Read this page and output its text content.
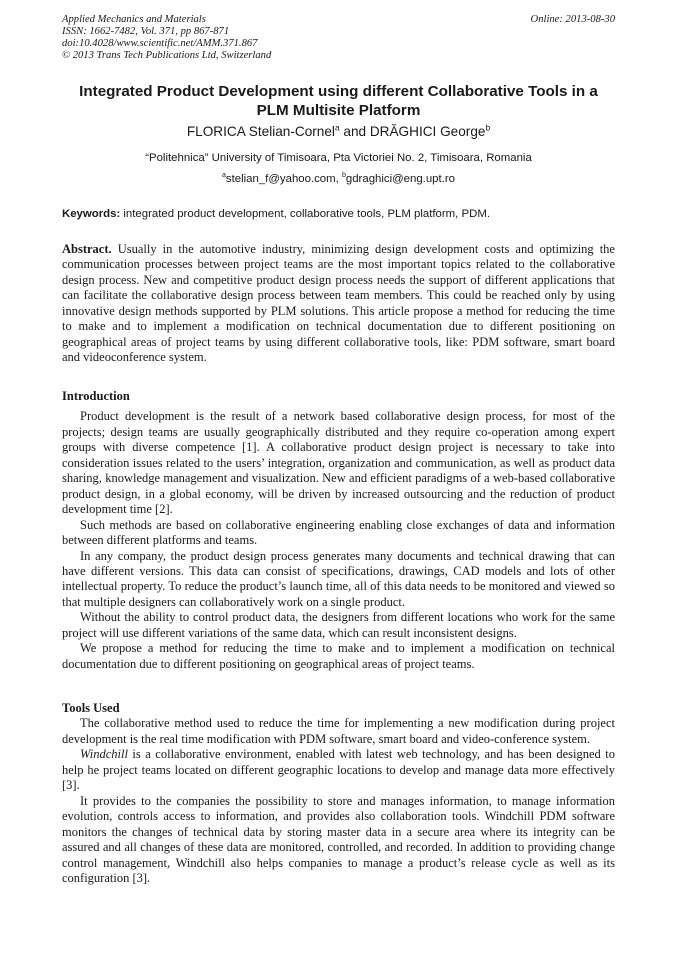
Applied Mechanics and Materials
ISSN: 1662-7482, Vol. 371, pp 867-871
doi:10.4028/www.scientific.net/AMM.371.867
© 2013 Trans Tech Publications Ltd, Switzerland
Online: 2013-08-30
Integrated Product Development using different Collaborative Tools in a PLM Multisite Platform
FLORICA Stelian-Cornel$^a$ and DRĂGHICI George$^b$
“Politehnica” University of Timisoara, Pta Victoriei No. 2, Timisoara, Romania
$^a$stelian_f@yahoo.com, $^b$gdraghici@eng.upt.ro
Keywords: integrated product development, collaborative tools, PLM platform, PDM.

Abstract. Usually in the automotive industry, minimizing design development costs and optimizing the communication processes between project teams are the most important topics related to the collaborative design process. New and competitive product design process needs the support of different applications that can facilitate the collaborative design process between team members. This could be reached only by using innovative design methods supported by PLM solutions. This article propose a method for reducing the time to make and to implement a modification on technical documentation due to different positioning on geographical areas of project teams by using different collaborative tools, like: PDM software, smart board and videoconference system.

Introduction

Product development is the result of a network based collaborative design process, for most of the projects; design teams are usually geographically distributed and they require co-operation among expert groups with diverse competence [1]. A collaborative product design project is necessary to take into consideration issues related to the users’ integration, organization and communication, as well as product data sharing, knowledge management and visualization. New and efficient paradigms of a web-based collaborative product design, in a global economy, will be driven by increased outsourcing and the reduction of product development time [2].

Such methods are based on collaborative engineering enabling close exchanges of data and information between different platforms and teams.

In any company, the product design process generates many documents and technical drawing that can have different versions. This data can consist of specifications, drawings, CAD models and lots of other intellectual property. To reduce the product’s launch time, all of this data needs to be monitored and viewed so that multiple designers can collaboratively work on a single product.

Without the ability to control product data, the designers from different locations who work for the same project will use different variations of the same data, which can result inconsistent designs.

We propose a method for reducing the time to make and to implement a modification on technical documentation due to different positioning on geographical areas of project teams.

Tools Used

The collaborative method used to reduce the time for implementing a new modification during project development is the real time modification with PDM software, smart board and video-conference system.

Windchill is a collaborative environment, enabled with latest web technology, and has been designed to help he project teams located on different geographic locations to develop and manage data more effectively [3].

It provides to the companies the possibility to store and manages information, to manage information evolution, controls access to information, and provides also collaboration tools. Windchill PDM software monitors the changes of technical data by storing master data in a secure area where its integrity can be assured and all changes of these data are monitored, controlled, and recorded. In addition to providing change control management, Windchill also helps companies to manage a product’s release cycle as well as its configuration [3].
